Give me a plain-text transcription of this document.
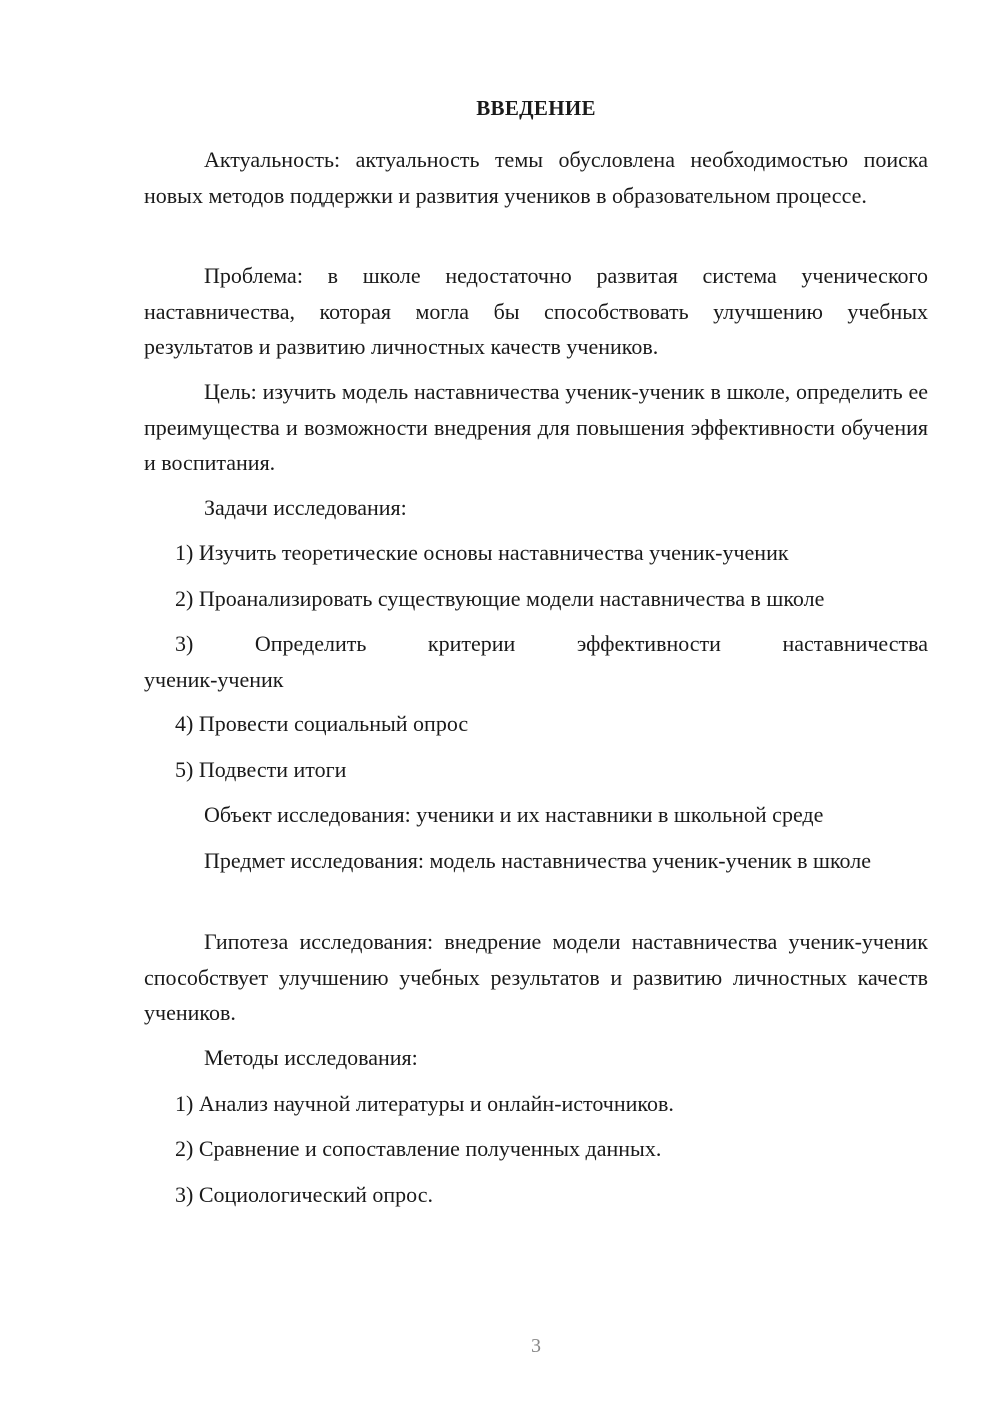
ВВЕДЕНИЕ

Актуальность: актуальность темы обусловлена необходимостью поиска новых методов поддержки и развития учеников в образовательном процессе.

Проблема: в школе недостаточно развитая система ученического наставничества, которая могла бы способствовать улучшению учебных результатов и развитию личностных качеств учеников.

Цель: изучить модель наставничества ученик-ученик в школе, определить ее преимущества и возможности внедрения для повышения эффективности обучения и воспитания.

Задачи исследования:

1) Изучить теоретические основы наставничества ученик-ученик

2) Проанализировать существующие модели наставничества в школе

3) Определить критерии эффективности наставничества ученик-ученик

4) Провести социальный опрос

5) Подвести итоги

Объект исследования: ученики и их наставники в школьной среде

Предмет исследования: модель наставничества ученик-ученик в школе

Гипотеза исследования: внедрение модели наставничества ученик-ученик способствует улучшению учебных результатов и развитию личностных качеств учеников.

Методы исследования:

1) Анализ научной литературы и онлайн-источников.

2) Сравнение и сопоставление полученных данных.

3) Социологический опрос.

3
